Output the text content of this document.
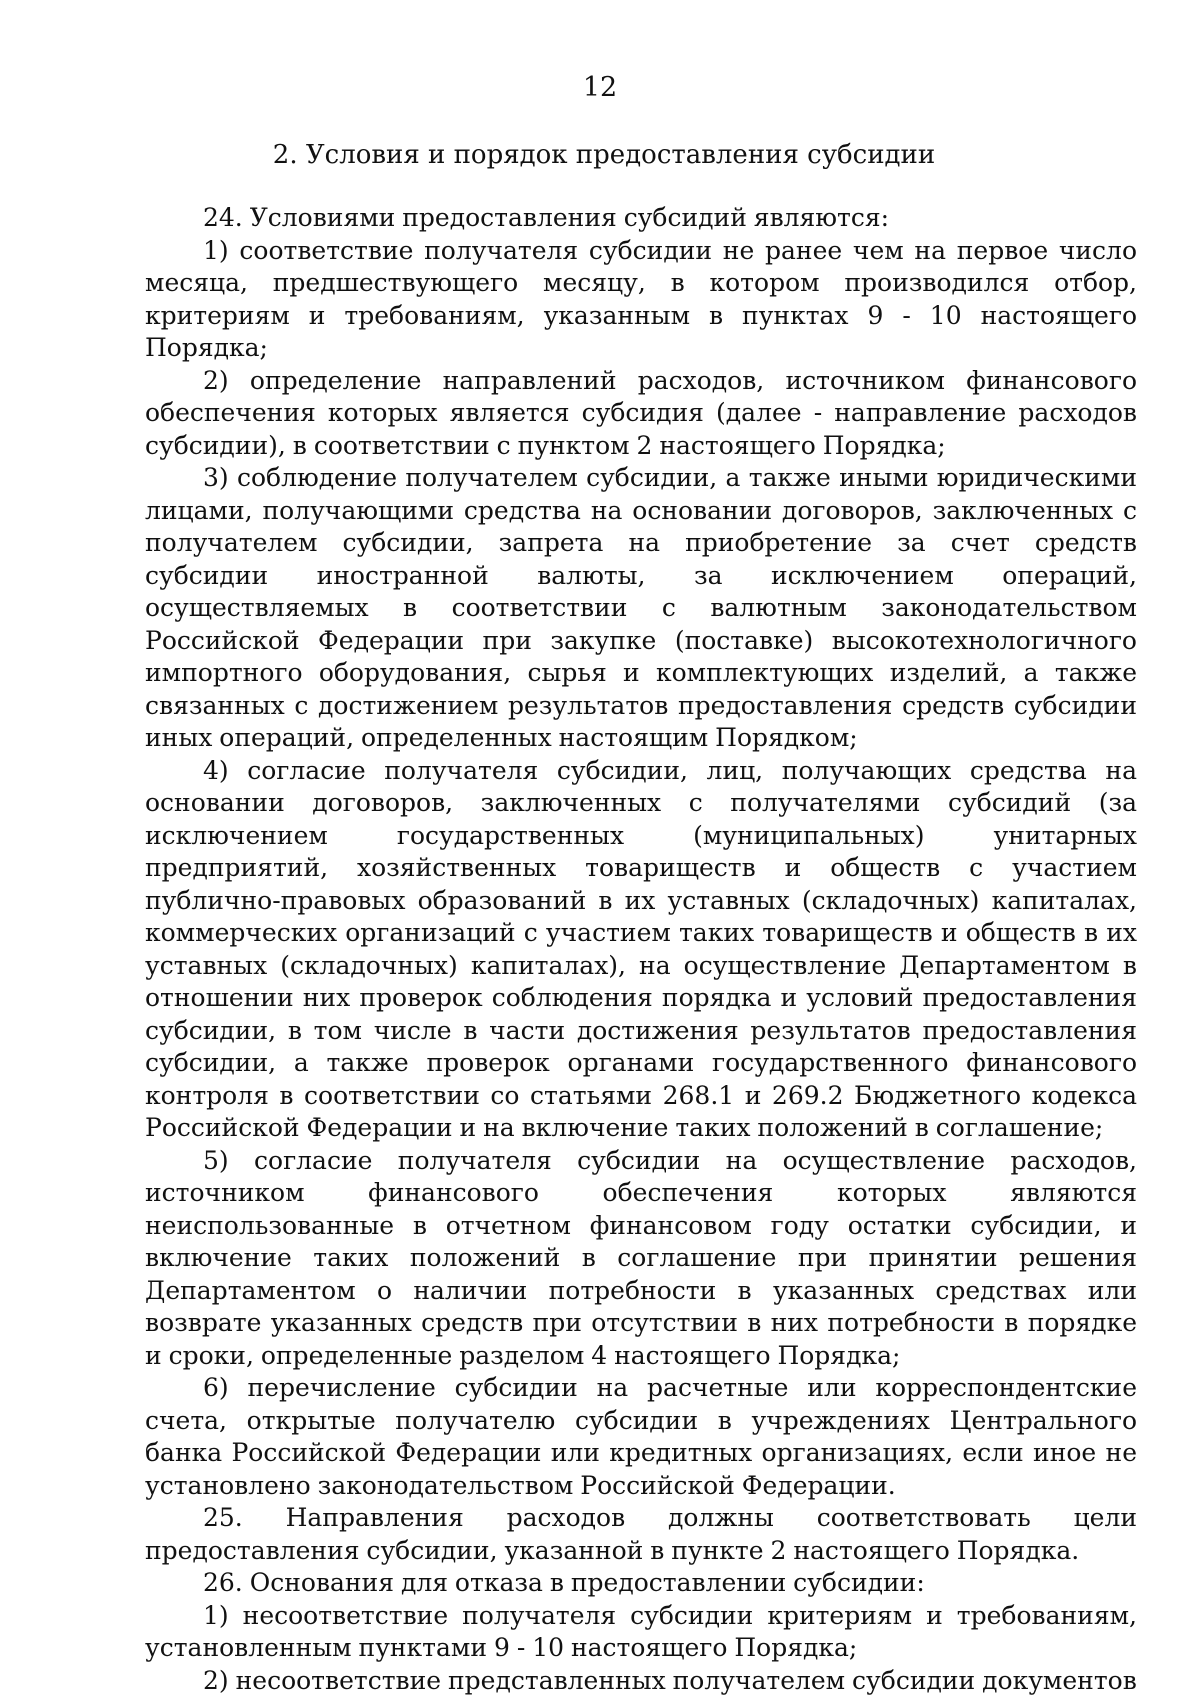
12
2. Условия и порядок предоставления субсидии

24. Условиями предоставления субсидий являются:

1) соответствие получателя субсидии не ранее чем на первое число месяца, предшествующего месяцу, в котором производился отбор, критериям и требованиям, указанным в пунктах 9 - 10 настоящего Порядка;

2) определение направлений расходов, источником финансового обеспечения которых является субсидия (далее - направление расходов субсидии), в соответствии с пунктом 2 настоящего Порядка;

3) соблюдение получателем субсидии, а также иными юридическими лицами, получающими средства на основании договоров, заключенных с получателем субсидии, запрета на приобретение за счет средств субсидии иностранной валюты, за исключением операций, осуществляемых в соответствии с валютным законодательством Российской Федерации при закупке (поставке) высокотехнологичного импортного оборудования, сырья и комплектующих изделий, а также связанных с достижением результатов предоставления средств субсидии иных операций, определенных настоящим Порядком;

4) согласие получателя субсидии, лиц, получающих средства на основании договоров, заключенных с получателями субсидий (за исключением государственных (муниципальных) унитарных предприятий, хозяйственных товариществ и обществ с участием публично-правовых образований в их уставных (складочных) капиталах, коммерческих организаций с участием таких товариществ и обществ в их уставных (складочных) капиталах), на осуществление Департаментом в отношении них проверок соблюдения порядка и условий предоставления субсидии, в том числе в части достижения результатов предоставления субсидии, а также проверок органами государственного финансового контроля в соответствии со статьями 268.1 и 269.2 Бюджетного кодекса Российской Федерации и на включение таких положений в соглашение;

5) согласие получателя субсидии на осуществление расходов, источником финансового обеспечения которых являются неиспользованные в отчетном финансовом году остатки субсидии, и включение таких положений в соглашение при принятии решения Департаментом о наличии потребности в указанных средствах или возврате указанных средств при отсутствии в них потребности в порядке и сроки, определенные разделом 4 настоящего Порядка;

6) перечисление субсидии на расчетные или корреспондентские счета, открытые получателю субсидии в учреждениях Центрального банка Российской Федерации или кредитных организациях, если иное не установлено законодательством Российской Федерации.

25. Направления расходов должны соответствовать цели предоставления субсидии, указанной в пункте 2 настоящего Порядка.

26. Основания для отказа в предоставлении субсидии:

1) несоответствие получателя субсидии критериям и требованиям, установленным пунктами 9 - 10 настоящего Порядка;

2) несоответствие представленных получателем субсидии документов
